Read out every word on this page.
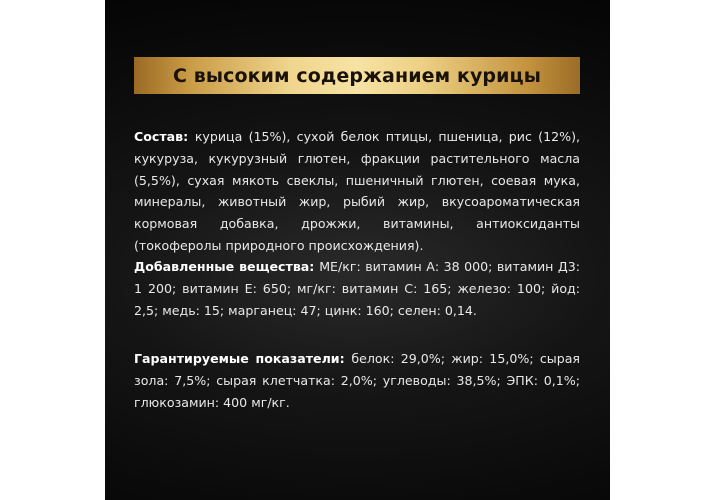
С высоким содержанием курицы
Состав: курица (15%), сухой белок птицы, пшеница, рис (12%), кукуруза, кукурузный глютен, фракции растительного масла (5,5%), сухая мякоть свеклы, пшеничный глютен, соевая мука, минералы, животный жир, рыбий жир, вкусоароматическая кормовая добавка, дрожжи, витамины, антиоксиданты (токоферолы природного происхождения).
Добавленные вещества: МЕ/кг: витамин А: 38 000; витамин Д3: 1 200; витамин Е: 650; мг/кг: витамин С: 165; железо: 100; йод: 2,5; медь: 15; марганец: 47; цинк: 160; селен: 0,14.
Гарантируемые показатели: белок: 29,0%; жир: 15,0%; сырая зола: 7,5%; сырая клетчатка: 2,0%; углеводы: 38,5%; ЭПК: 0,1%; глюкозамин: 400 мг/кг.
